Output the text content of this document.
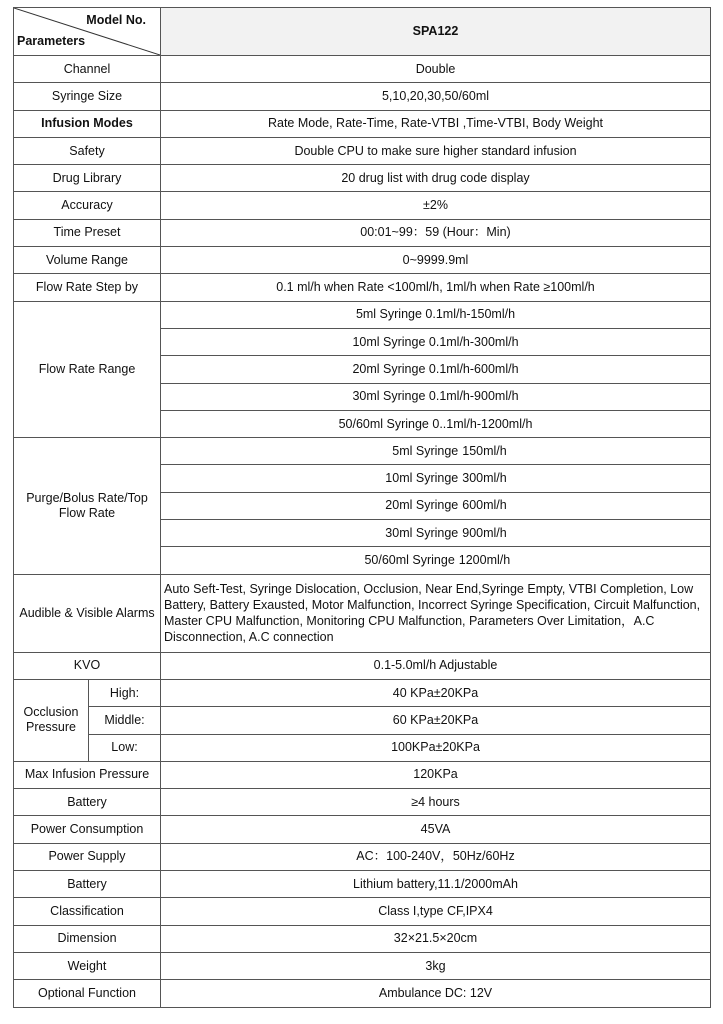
Model No.
Parameters		SPA122
Channel		Double
Syringe Size		5,10,20,30,50/60ml
Infusion Modes		Rate Mode, Rate-Time, Rate-VTBI ,Time-VTBI, Body Weight
Safety		Double CPU to make sure higher standard infusion
Drug Library		20 drug list with drug code display
Accuracy		±2%
Time Preset		00:01~99：59 (Hour：Min)
Volume Range		0~9999.9ml
Flow Rate Step by		0.1 ml/h when Rate <100ml/h, 1ml/h when Rate ≥100ml/h
Flow Rate Range		5ml Syringe 0.1ml/h-150ml/h
		10ml Syringe 0.1ml/h-300ml/h
		20ml Syringe 0.1ml/h-600ml/h
		30ml Syringe 0.1ml/h-900ml/h
		50/60ml Syringe 0..1ml/h-1200ml/h
Purge/Bolus Rate/Top Flow Rate		5ml Syringe 150ml/h
		10ml Syringe 300ml/h
		20ml Syringe 600ml/h
		30ml Syringe 900ml/h
		50/60ml Syringe 1200ml/h
Audible & Visible Alarms		Auto Seft-Test, Syringe Dislocation, Occlusion, Near End,Syringe Empty, VTBI Completion, Low Battery, Battery Exausted, Motor Malfunction, Incorrect Syringe Specification, Circuit Malfunction, Master CPU Malfunction, Monitoring CPU Malfunction, Parameters Over Limitation，A.C Disconnection, A.C connection
KVO		0.1-5.0ml/h Adjustable
Occlusion Pressure	High:	40 KPa±20KPa
	Middle:	60 KPa±20KPa
	Low:	100KPa±20KPa
Max Infusion Pressure		120KPa
Battery		≥4 hours
Power Consumption		45VA
Power Supply		AC：100-240V，50Hz/60Hz
Battery		Lithium battery,11.1/2000mAh
Classification		Class I,type CF,IPX4
Dimension		32×21.5×20cm
Weight		3kg
Optional Function		Ambulance DC: 12V
